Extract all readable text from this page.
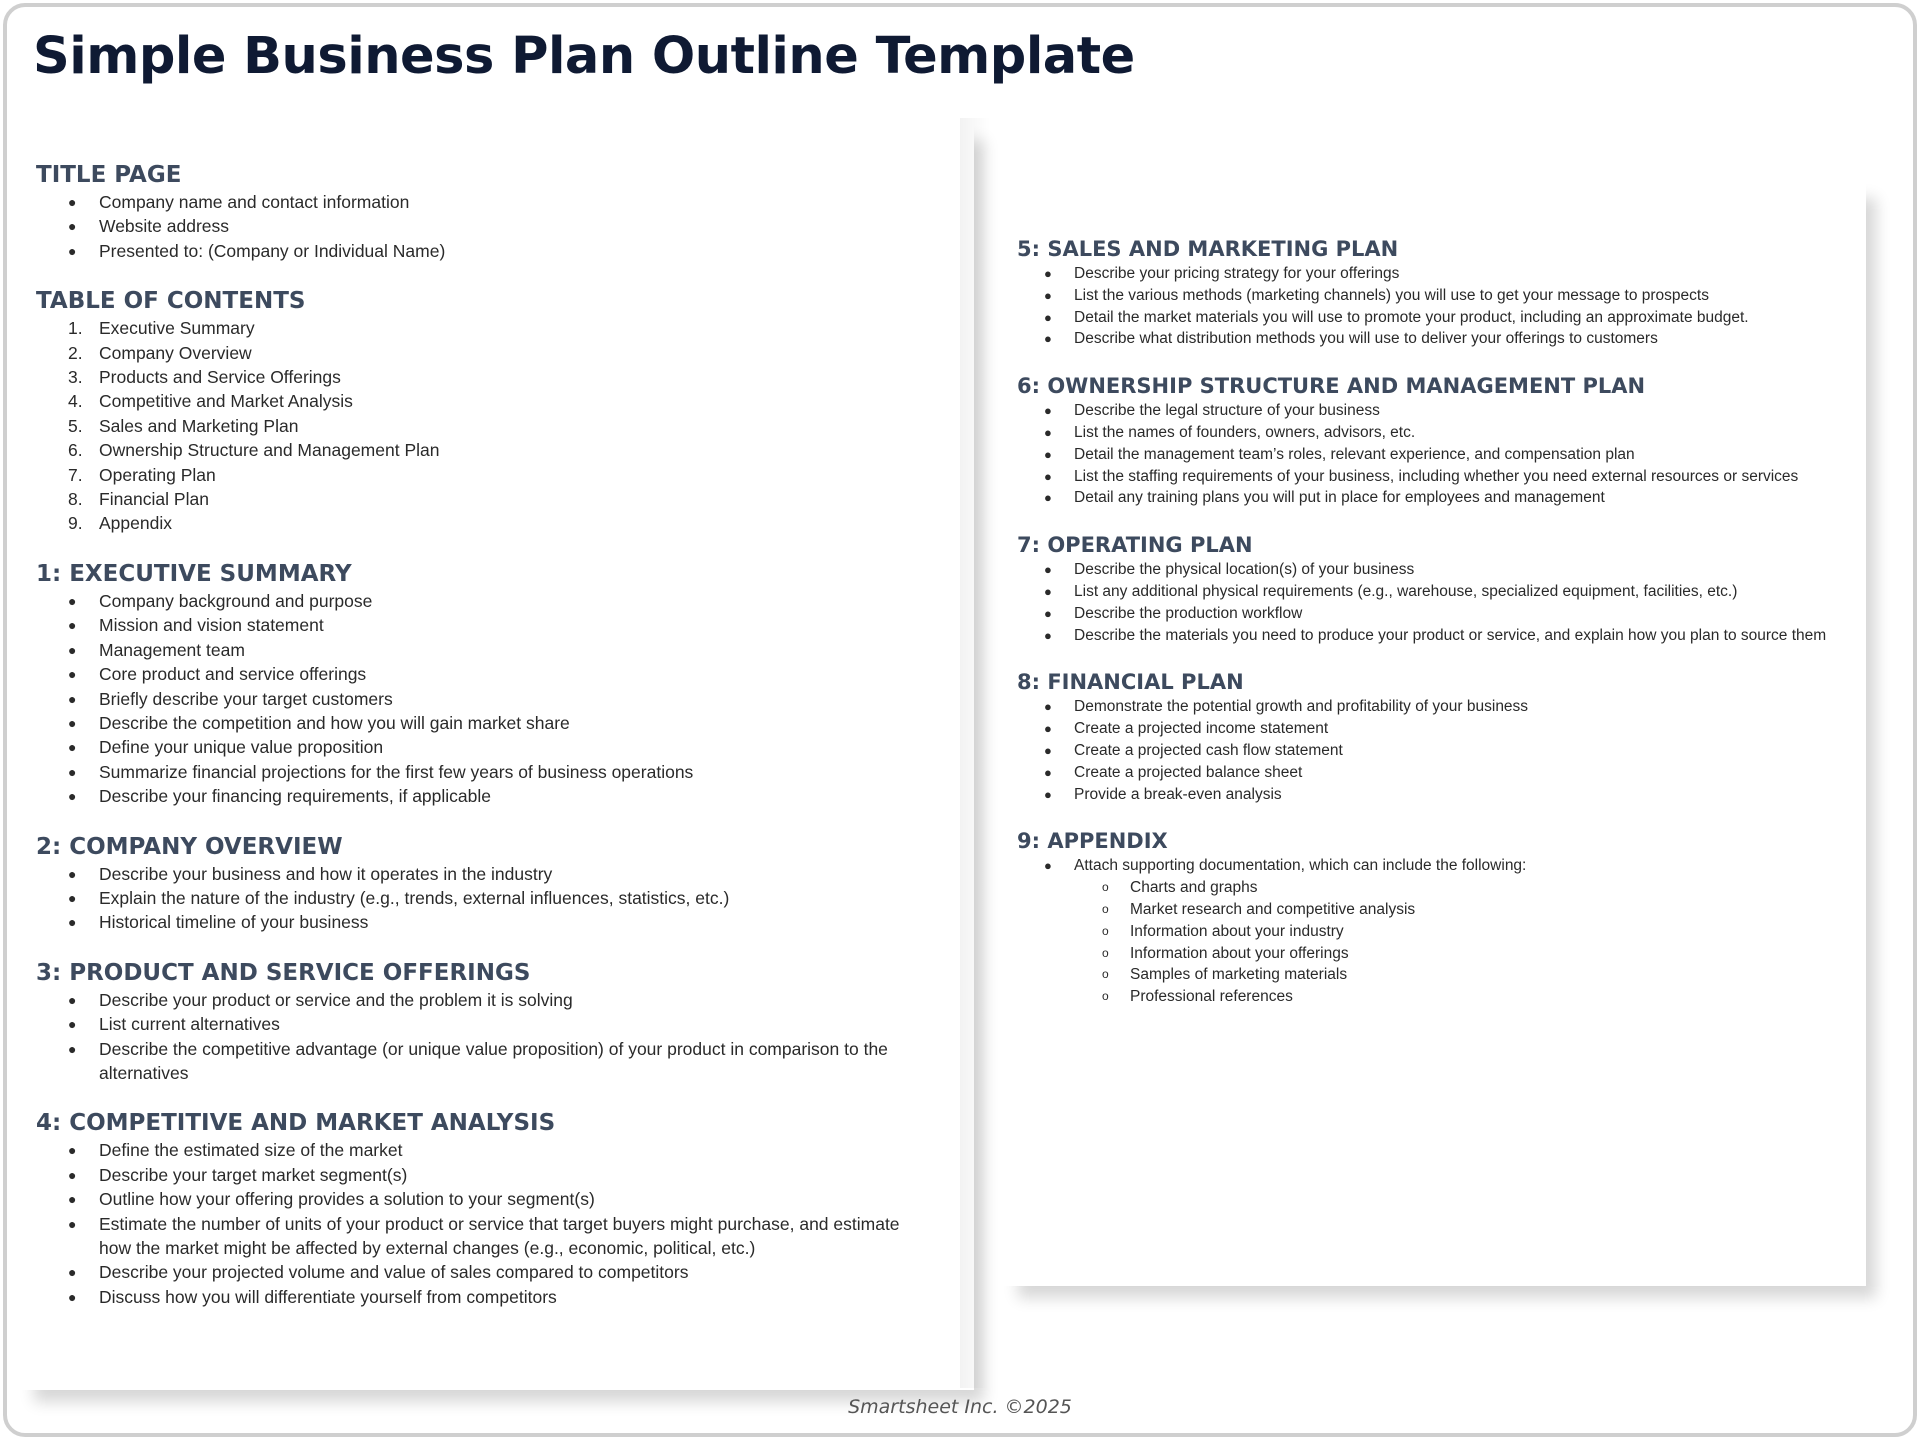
Simple Business Plan Outline Template
TITLE PAGE
● Company name and contact information
● Website address
● Presented to: (Company or Individual Name)
TABLE OF CONTENTS
1. Executive Summary
2. Company Overview
3. Products and Service Offerings
4. Competitive and Market Analysis
5. Sales and Marketing Plan
6. Ownership Structure and Management Plan
7. Operating Plan
8. Financial Plan
9. Appendix
1: EXECUTIVE SUMMARY
● Company background and purpose
● Mission and vision statement
● Management team
● Core product and service offerings
● Briefly describe your target customers
● Describe the competition and how you will gain market share
● Define your unique value proposition
● Summarize financial projections for the first few years of business operations
● Describe your financing requirements, if applicable
2: COMPANY OVERVIEW
● Describe your business and how it operates in the industry
● Explain the nature of the industry (e.g., trends, external influences, statistics, etc.)
● Historical timeline of your business
3: PRODUCT AND SERVICE OFFERINGS
● Describe your product or service and the problem it is solving
● List current alternatives
● Describe the competitive advantage (or unique value proposition) of your product in comparison to the alternatives
4: COMPETITIVE AND MARKET ANALYSIS
● Define the estimated size of the market
● Describe your target market segment(s)
● Outline how your offering provides a solution to your segment(s)
● Estimate the number of units of your product or service that target buyers might purchase, and estimate how the market might be affected by external changes (e.g., economic, political, etc.)
● Describe your projected volume and value of sales compared to competitors
● Discuss how you will differentiate yourself from competitors
5: SALES AND MARKETING PLAN
● Describe your pricing strategy for your offerings
● List the various methods (marketing channels) you will use to get your message to prospects
● Detail the market materials you will use to promote your product, including an approximate budget.
● Describe what distribution methods you will use to deliver your offerings to customers
6: OWNERSHIP STRUCTURE AND MANAGEMENT PLAN
● Describe the legal structure of your business
● List the names of founders, owners, advisors, etc.
● Detail the management team’s roles, relevant experience, and compensation plan
● List the staffing requirements of your business, including whether you need external resources or services
● Detail any training plans you will put in place for employees and management
7: OPERATING PLAN
● Describe the physical location(s) of your business
● List any additional physical requirements (e.g., warehouse, specialized equipment, facilities, etc.)
● Describe the production workflow
● Describe the materials you need to produce your product or service, and explain how you plan to source them
8: FINANCIAL PLAN
● Demonstrate the potential growth and profitability of your business
● Create a projected income statement
● Create a projected cash flow statement
● Create a projected balance sheet
● Provide a break-even analysis
9: APPENDIX
● Attach supporting documentation, which can include the following:
o Charts and graphs
o Market research and competitive analysis
o Information about your industry
o Information about your offerings
o Samples of marketing materials
o Professional references
Smartsheet Inc. ©2025
